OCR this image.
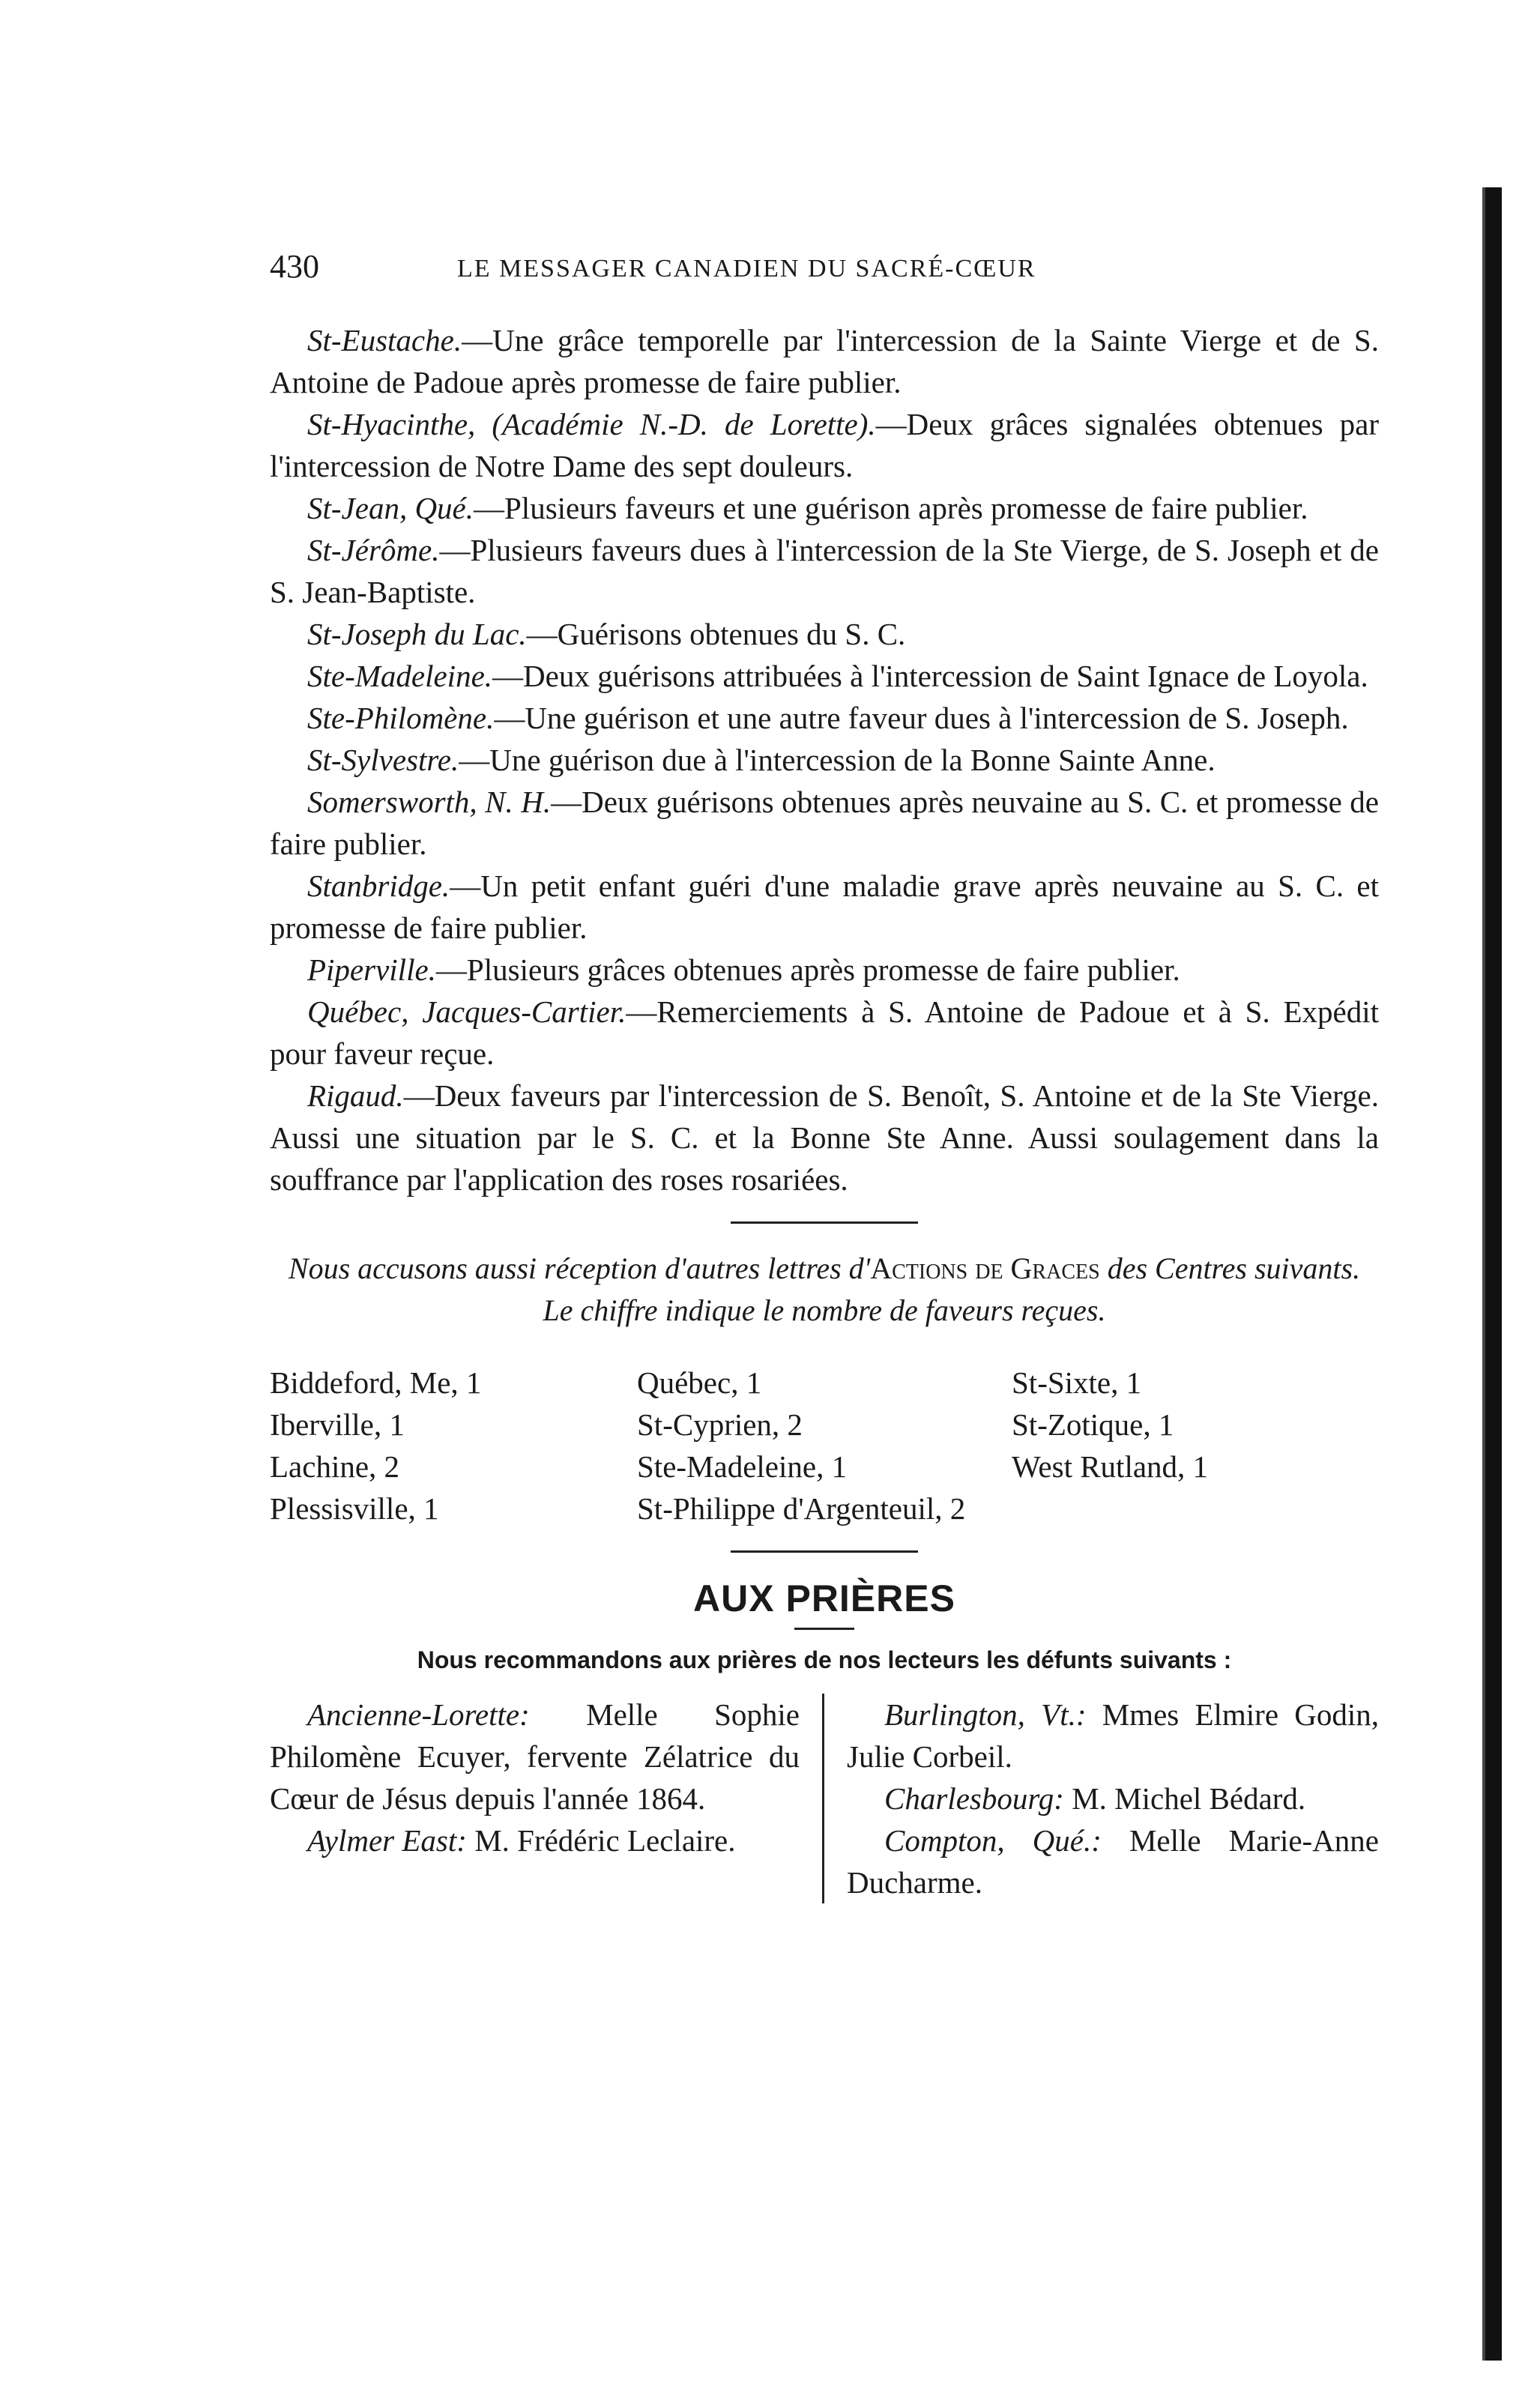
430	LE MESSAGER CANADIEN DU SACRÉ-CŒUR

St-Eustache.—Une grâce temporelle par l'intercession de la Sainte Vierge et de S. Antoine de Padoue après promesse de faire publier.

St-Hyacinthe, (Académie N.-D. de Lorette).—Deux grâces signalées obtenues par l'intercession de Notre Dame des sept douleurs.

St-Jean, Qué.—Plusieurs faveurs et une guérison après promesse de faire publier.

St-Jérôme.—Plusieurs faveurs dues à l'intercession de la Ste Vierge, de S. Joseph et de S. Jean-Baptiste.

St-Joseph du Lac.—Guérisons obtenues du S. C.

Ste-Madeleine.—Deux guérisons attribuées à l'intercession de Saint Ignace de Loyola.

Ste-Philomène.—Une guérison et une autre faveur dues à l'intercession de S. Joseph.

St-Sylvestre.—Une guérison due à l'intercession de la Bonne Sainte Anne.

Somersworth, N. H.—Deux guérisons obtenues après neuvaine au S. C. et promesse de faire publier.

Stanbridge.—Un petit enfant guéri d'une maladie grave après neuvaine au S. C. et promesse de faire publier.

Piperville.—Plusieurs grâces obtenues après promesse de faire publier.

Québec, Jacques-Cartier.—Remerciements à S. Antoine de Padoue et à S. Expédit pour faveur reçue.

Rigaud.—Deux faveurs par l'intercession de S. Benoît, S. Antoine et de la Ste Vierge. Aussi une situation par le S. C. et la Bonne Ste Anne. Aussi soulagement dans la souffrance par l'application des roses rosariées.

Nous accusons aussi réception d'autres lettres d'Actions de Graces des Centres suivants. Le chiffre indique le nombre de faveurs reçues.

Biddeford, Me, 1	Québec, 1	St-Sixte, 1
Iberville, 1	St-Cyprien, 2	St-Zotique, 1
Lachine, 2	Ste-Madeleine, 1	West Rutland, 1
Plessisville, 1	St-Philippe d'Argenteuil, 2
AUX PRIÈRES
Nous recommandons aux prières de nos lecteurs les défunts suivants :

Ancienne-Lorette: Melle Sophie Philomène Ecuyer, fervente Zélatrice du Cœur de Jésus depuis l'année 1864.

Aylmer East: M. Frédéric Leclaire.

Burlington, Vt.: Mmes Elmire Godin, Julie Corbeil.

Charlesbourg: M. Michel Bédard.

Compton, Qué.: Melle Marie-Anne Ducharme.
